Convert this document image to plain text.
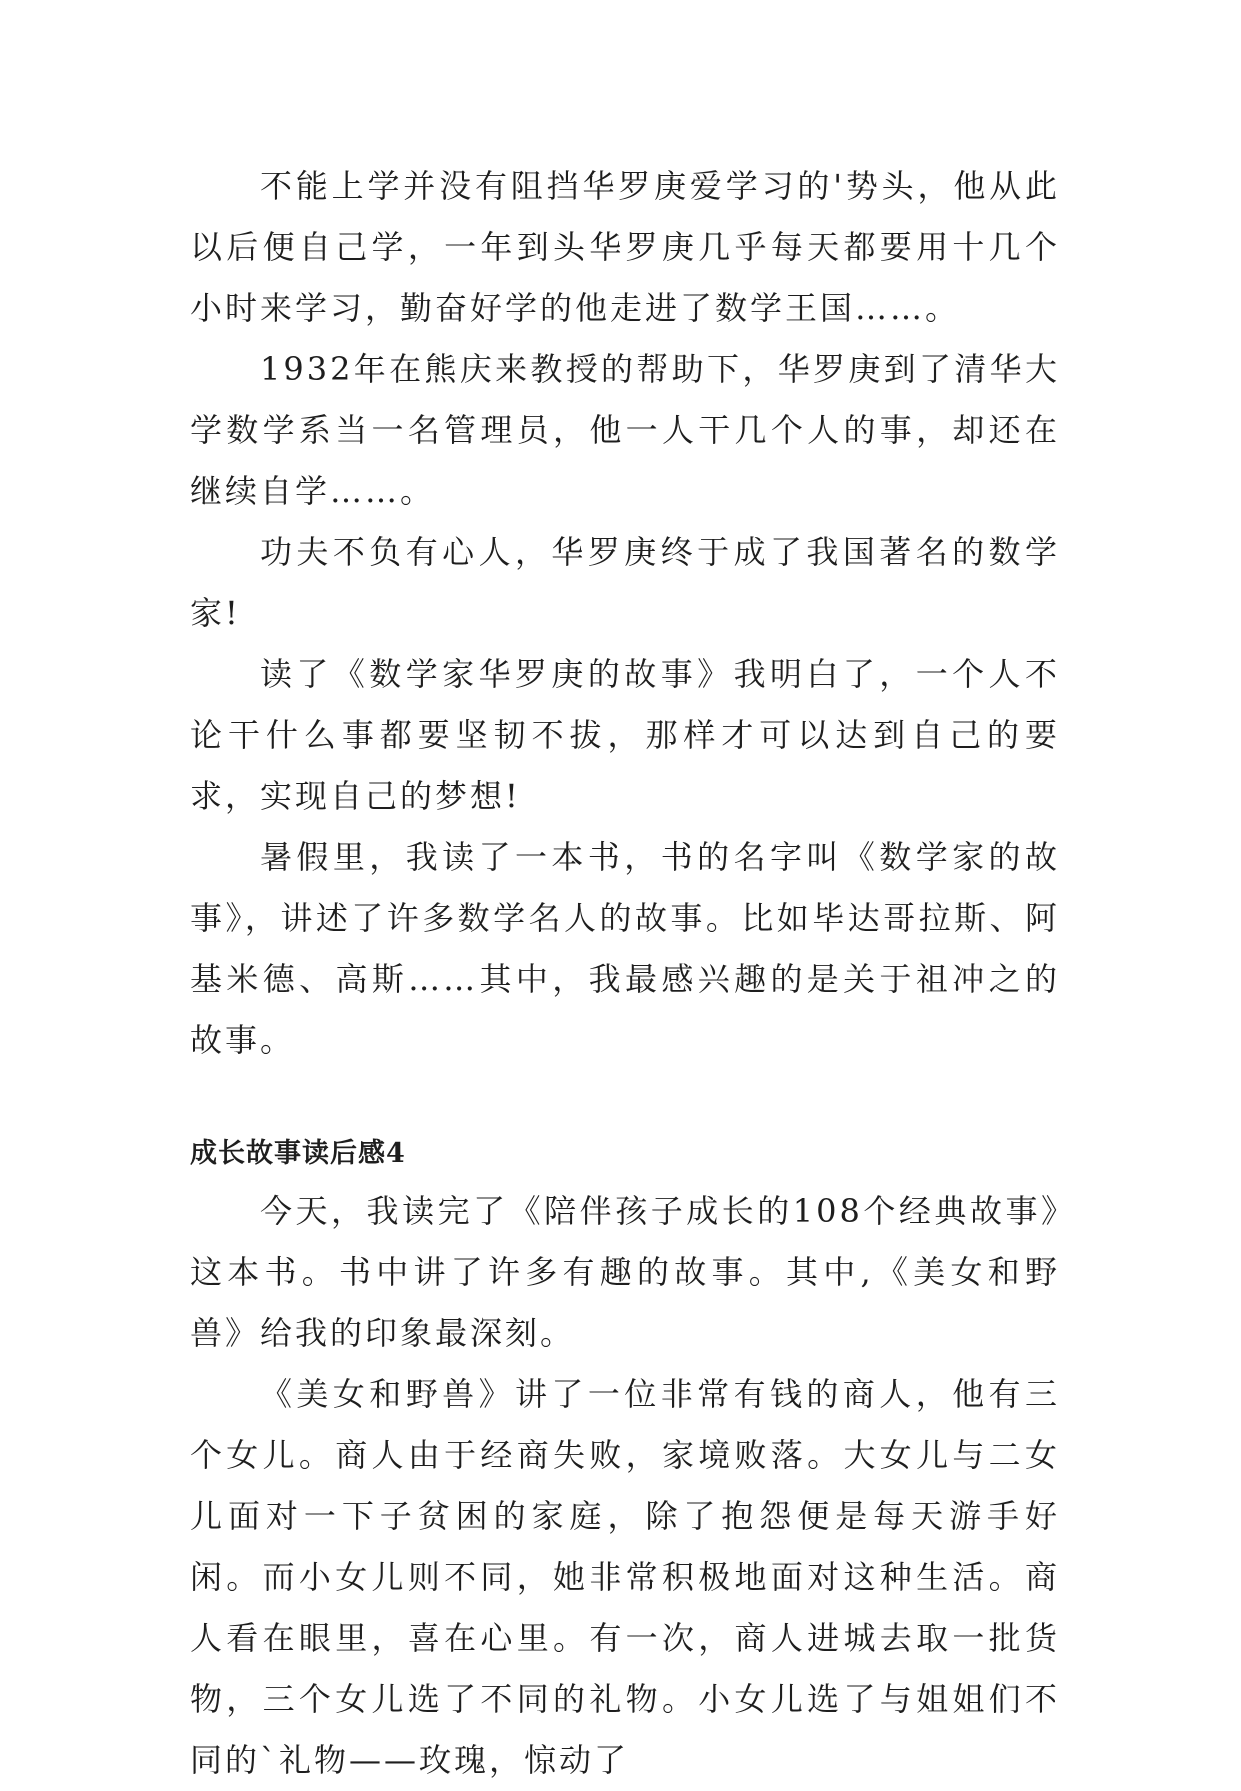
不能上学并没有阻挡华罗庚爱学习的'势头，他从此以后便自己学，一年到头华罗庚几乎每天都要用十几个小时来学习，勤奋好学的他走进了数学王国……。

1932年在熊庆来教授的帮助下，华罗庚到了清华大学数学系当一名管理员，他一人干几个人的事，却还在继续自学……。

功夫不负有心人，华罗庚终于成了我国著名的数学家!

读了《数学家华罗庚的故事》我明白了，一个人不论干什么事都要坚韧不拔，那样才可以达到自己的要求，实现自己的梦想!

暑假里，我读了一本书，书的名字叫《数学家的故事》，讲述了许多数学名人的故事。比如毕达哥拉斯、阿基米德、高斯……其中，我最感兴趣的是关于祖冲之的故事。

成长故事读后感4

今天，我读完了《陪伴孩子成长的108个经典故事》这本书。书中讲了许多有趣的故事。其中,《美女和野兽》给我的印象最深刻。

《美女和野兽》讲了一位非常有钱的商人，他有三个女儿。商人由于经商失败，家境败落。大女儿与二女儿面对一下子贫困的家庭，除了抱怨便是每天游手好闲。而小女儿则不同，她非常积极地面对这种生活。商人看在眼里，喜在心里。有一次，商人进城去取一批货物，三个女儿选了不同的礼物。小女儿选了与姐姐们不同的`礼物——玫瑰，惊动了
